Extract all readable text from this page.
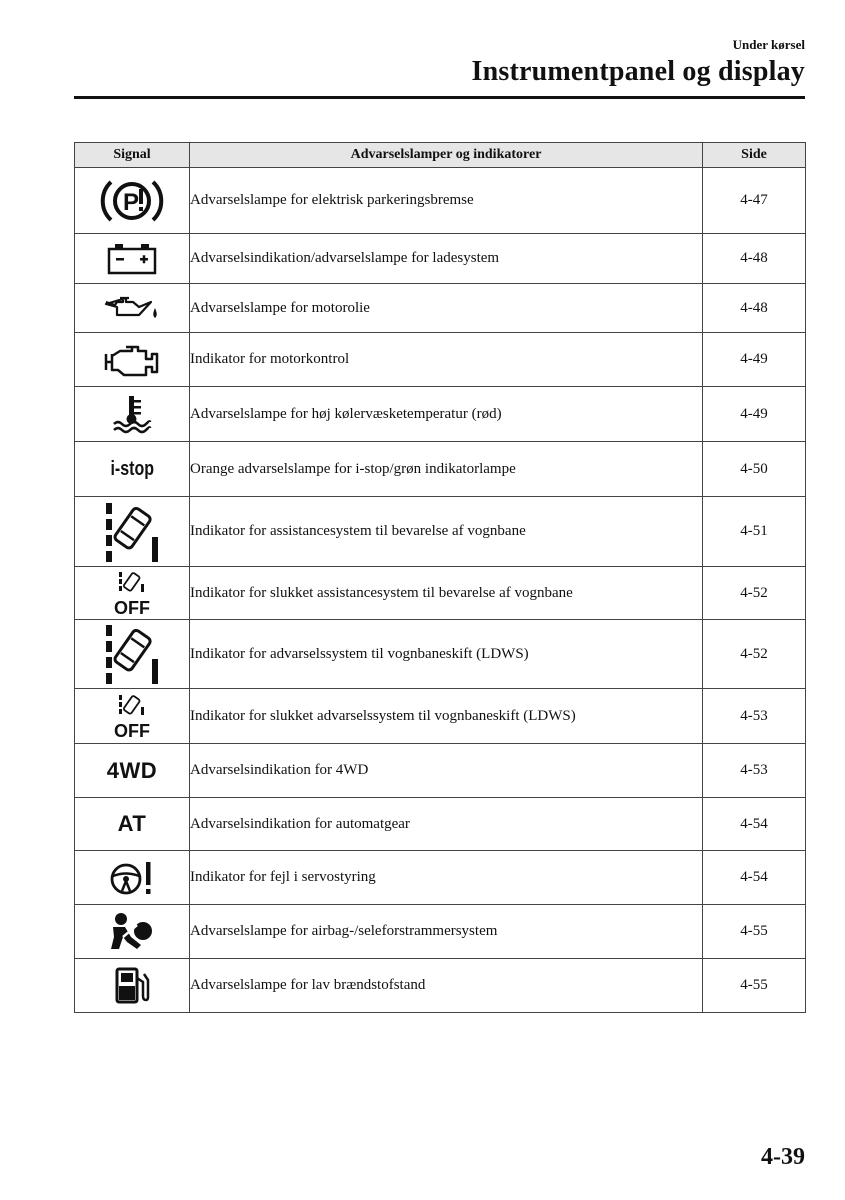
Under kørsel
Instrumentpanel og display
Signal	Advarselslamper og indikatorer	Side

P	Advarselslampe for elektrisk parkeringsbremse	4-47

	Advarselsindikation/advarselslampe for ladesystem	4-48

	Advarselslampe for motorolie	4-48

	Indikator for motorkontrol	4-49

	Advarselslampe for høj kølervæsketemperatur (rød)	4-49
i-stop	Orange advarselslampe for i-stop/grøn indikatorlampe	4-50

	Indikator for assistancesystem til bevarelse af vognbane	4-51

OFF	Indikator for slukket assistancesystem til bevarelse af vognbane	4-52

	Indikator for advarselssystem til vognbaneskift (LDWS)	4-52

OFF	Indikator for slukket advarselssystem til vognbaneskift (LDWS)	4-53
4WD	Advarselsindikation for 4WD	4-53
AT	Advarselsindikation for automatgear	4-54

	Indikator for fejl i servostyring	4-54

	Advarselslampe for airbag-/seleforstrammersystem	4-55

	Advarselslampe for lav brændstofstand	4-55
4-39
